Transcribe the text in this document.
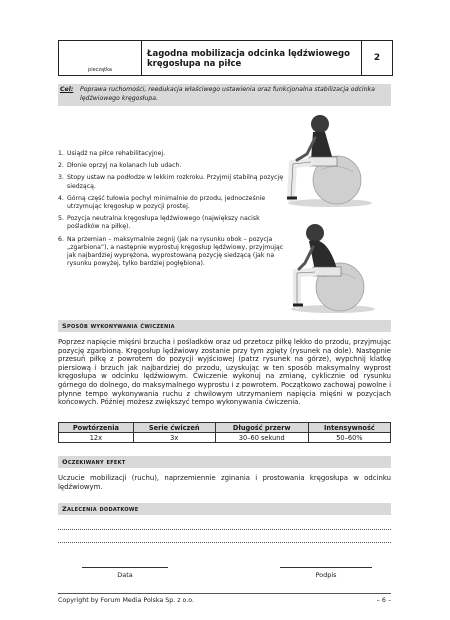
pieczątka
Łagodna mobilizacja odcinka lędźwiowego kręgosłupa na piłce
2
Cel: Poprawa ruchomości, reedukacja właściwego ustawienia oraz funkcjonalna stabilizacja odcinka lędźwiowego kręgosłupa.
1. Usiądź na piłce rehabilitacyjnej.
2. Dłonie oprzyj na kolanach lub udach.
3. Stopy ustaw na podłodze w lekkim rozkroku. Przyjmij stabilną pozycję siedzącą.
4. Górną część tułowia pochyl minimalnie do przodu, jednocześnie utrzymując kręgosłup w pozycji prostej.
5. Pozycja neutralna kręgosłupa lędźwiowego (największy nacisk pośladków na piłkę).
6. Na przemian – maksymalnie zegnij (jak na rysunku obok – pozycja „zgarbiona”), a następnie wyprostuj kręgosłup lędźwiowy, przyjmując jak najbardziej wyprężona, wyprostowaną pozycję siedzącą (jak na rysunku powyżej, tylko bardziej pogłębiona).
Sposób wykonywania ćwiczenia
Poprzez napięcie mięśni brzucha i pośladków oraz ud przetocz piłkę lekko do przodu, przyjmując pozycję zgarbioną. Kręgosłup lędźwiowy zostanie przy tym zgięty (rysunek na dole). Następnie przesuń piłkę z powrotem do pozycji wyjściowej (patrz rysunek na górze), wypchnij klatkę piersiową i brzuch jak najbardziej do przodu, uzyskując w ten sposób maksymalny wyprost kręgosłupa w odcinku lędźwiowym. Ćwiczenie wykonuj na zmianę, cyklicznie od rysunku górnego do dolnego, do maksymalnego wyprostu i z powrotem. Początkowo zachowaj powolne i płynne tempo wykonywania ruchu z chwilowym utrzymaniem napięcia mięśni w pozycjach końcowych. Później możesz zwiększyć tempo wykonywania ćwiczenia.
Powtórzenia	Serie ćwiczeń	Długość przerw	Intensywność
12x	3x	30–60 sekund	50–60%
Oczekiwany efekt
Uczucie mobilizacji (ruchu), naprzemiennie zginania i prostowania kręgosłupa w odcinku lędźwiowym.
Zalecenia dodatkowe
Data	Podpis
Copyright by Forum Media Polska Sp. z o.o.	– 6 –
